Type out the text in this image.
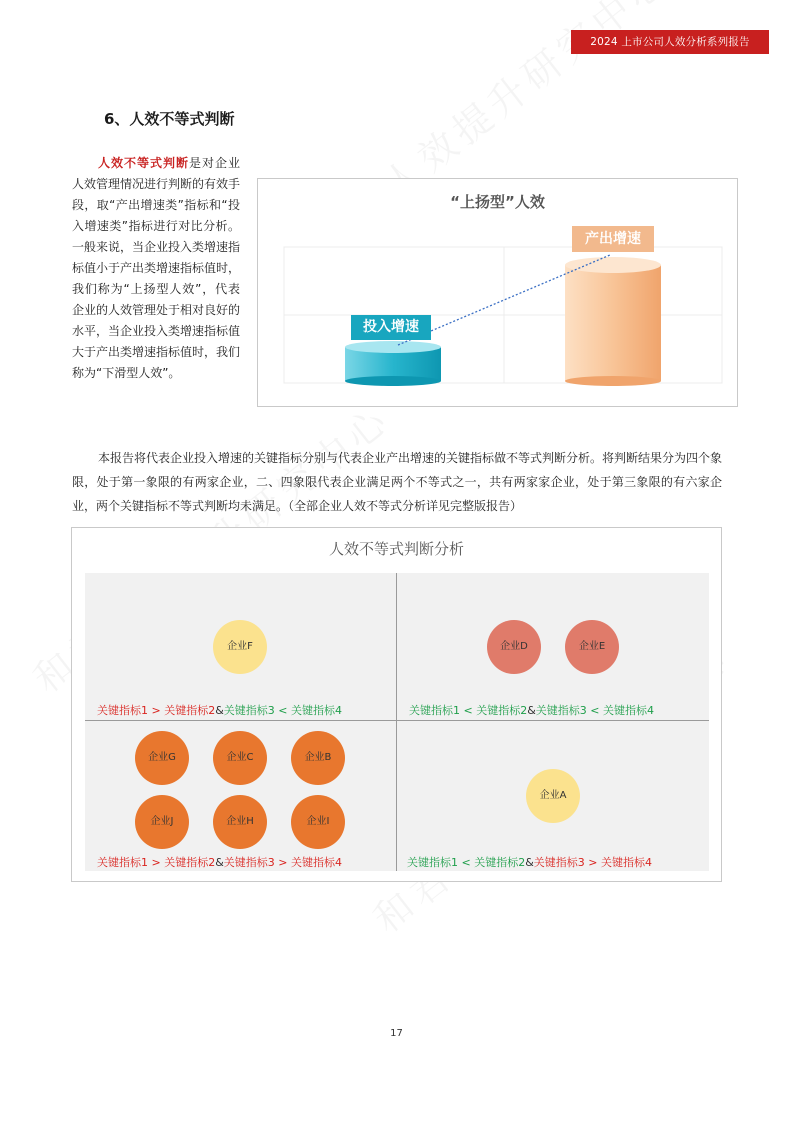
2024 上市公司人效分析系列报告
6、人效不等式判断
人效不等式判断是对企业人效管理情况进行判断的有效手段，取“产出增速类”指标和“投入增速类”指标进行对比分析。一般来说，当企业投入类增速指标值小于产出类增速指标值时，我们称为“上扬型人效”，代表企业的人效管理处于相对良好的水平，当企业投入类增速指标值大于产出类增速指标值时，我们称为“下滑型人效”。
“上扬型”人效
投入增速
产出增速
本报告将代表企业投入增速的关键指标分别与代表企业产出增速的关键指标做不等式判断分析。将判断结果分为四个象限，处于第一象限的有两家企业，二、四象限代表企业满足两个不等式之一，共有两家家企业，处于第三象限的有六家企业，两个关键指标不等式判断均未满足。（全部企业人效不等式分析详见完整版报告）
人效不等式判断分析
企业F
关键指标1 > 关键指标2&关键指标3 < 关键指标4
企业D	企业E
关键指标1 < 关键指标2&关键指标3 < 关键指标4
企业G	企业C	企业B
企业J	企业H	企业I
关键指标1 > 关键指标2&关键指标3 > 关键指标4
企业A
关键指标1 < 关键指标2&关键指标3 > 关键指标4
17
